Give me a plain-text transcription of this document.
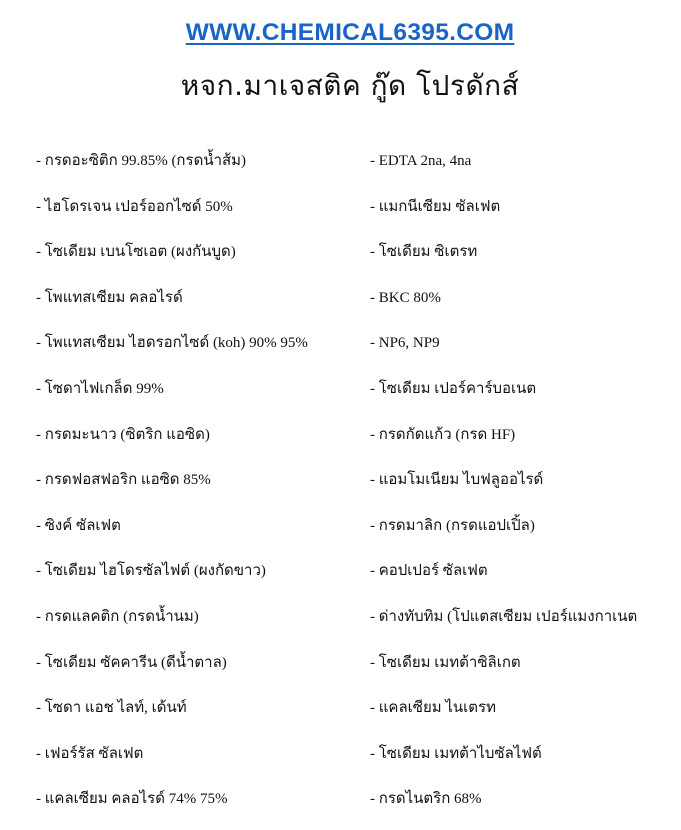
WWW.CHEMICAL6395.COM
หจก.มาเจสติค กู๊ด โปรดักส์
- กรดอะซิติก 99.85% (กรดน้ำส้ม)
- ไฮโดรเจน เปอร์ออกไซด์ 50%
- โซเดียม เบนโซเอต (ผงกันบูด)
- โพแทสเซียม คลอไรด์
- โพแทสเซียม ไฮดรอกไซด์ (koh) 90% 95%
- โซดาไฟเกล็ด 99%
- กรดมะนาว (ซิตริก แอซิด)
- กรดฟอสฟอริก แอซิด 85%
- ซิงค์ ซัลเฟต
- โซเดียม ไฮโดรซัลไฟต์ (ผงกัดขาว)
- กรดแลคติก (กรดน้ำนม)
- โซเดียม ซัคคารีน (ดีน้ำตาล)
- โซดา แอช ไลท์, เด้นท์
- เฟอร์รัส ซัลเฟต
- แคลเซียม คลอไรด์ 74% 75%
- EDTA 2na, 4na
- แมกนีเซียม ซัลเฟต
- โซเดียม ซิเตรท
- BKC 80%
- NP6, NP9
- โซเดียม เปอร์คาร์บอเนต
- กรดกัดแก้ว (กรด HF)
- แอมโมเนียม ไบฟลูออไรด์
- กรดมาลิก (กรดแอปเปิ้ล)
- คอปเปอร์ ซัลเฟต
- ด่างทับทิม (โปแตสเซียม เปอร์แมงกาเนต
- โซเดียม เมทต้าซิลิเกต
- แคลเซียม ไนเตรท
- โซเดียม เมทต้าไบซัลไฟต์
- กรดไนตริก 68%
